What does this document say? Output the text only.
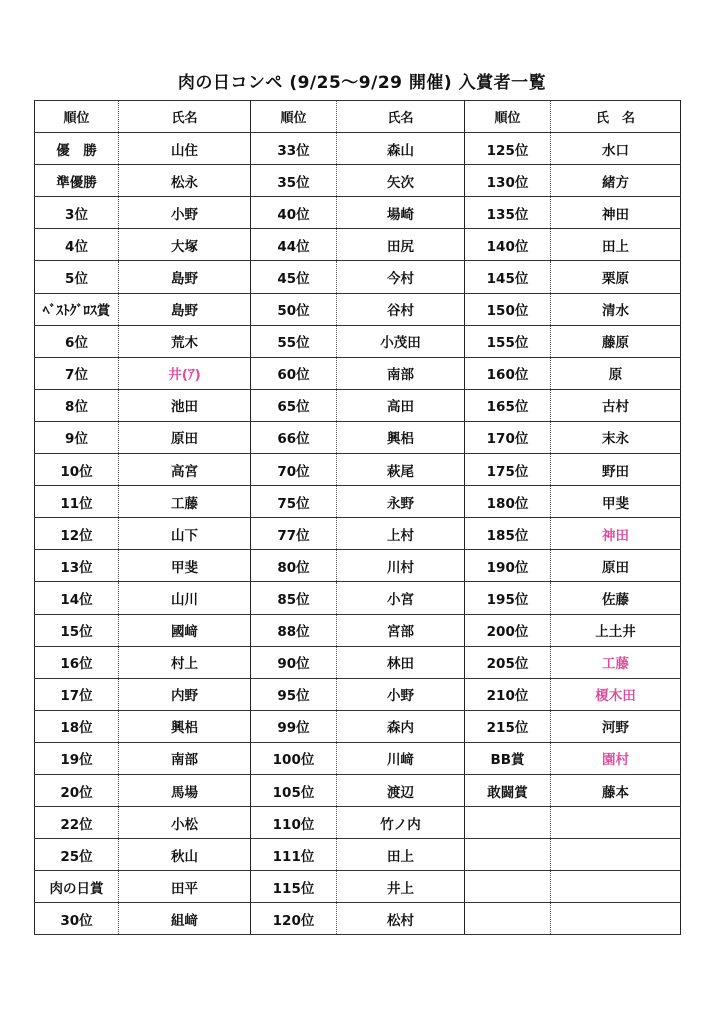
肉の日コンペ (9/25〜9/29 開催) 入賞者一覧
順位	氏名	順位	氏名	順位	氏　名
優　勝	山住	33位	森山	125位	水口
準優勝	松永	35位	矢次	130位	緒方
3位	小野	40位	場崎	135位	神田
4位	大塚	44位	田尻	140位	田上
5位	島野	45位	今村	145位	栗原
ﾍﾞｽﾄｸﾞﾛｽ賞	島野	50位	谷村	150位	清水
6位	荒木	55位	小茂田	155位	藤原
7位	井(ｱ)	60位	南部	160位	原
8位	池田	65位	高田	165位	古村
9位	原田	66位	興梠	170位	末永
10位	高宮	70位	萩尾	175位	野田
11位	工藤	75位	永野	180位	甲斐
12位	山下	77位	上村	185位	神田
13位	甲斐	80位	川村	190位	原田
14位	山川	85位	小宮	195位	佐藤
15位	國﨑	88位	宮部	200位	上土井
16位	村上	90位	林田	205位	工藤
17位	内野	95位	小野	210位	榎木田
18位	興梠	99位	森内	215位	河野
19位	南部	100位	川﨑	BB賞	園村
20位	馬場	105位	渡辺	敢闘賞	藤本
22位	小松	110位	竹ノ内		
25位	秋山	111位	田上		
肉の日賞	田平	115位	井上		
30位	組﨑	120位	松村		
